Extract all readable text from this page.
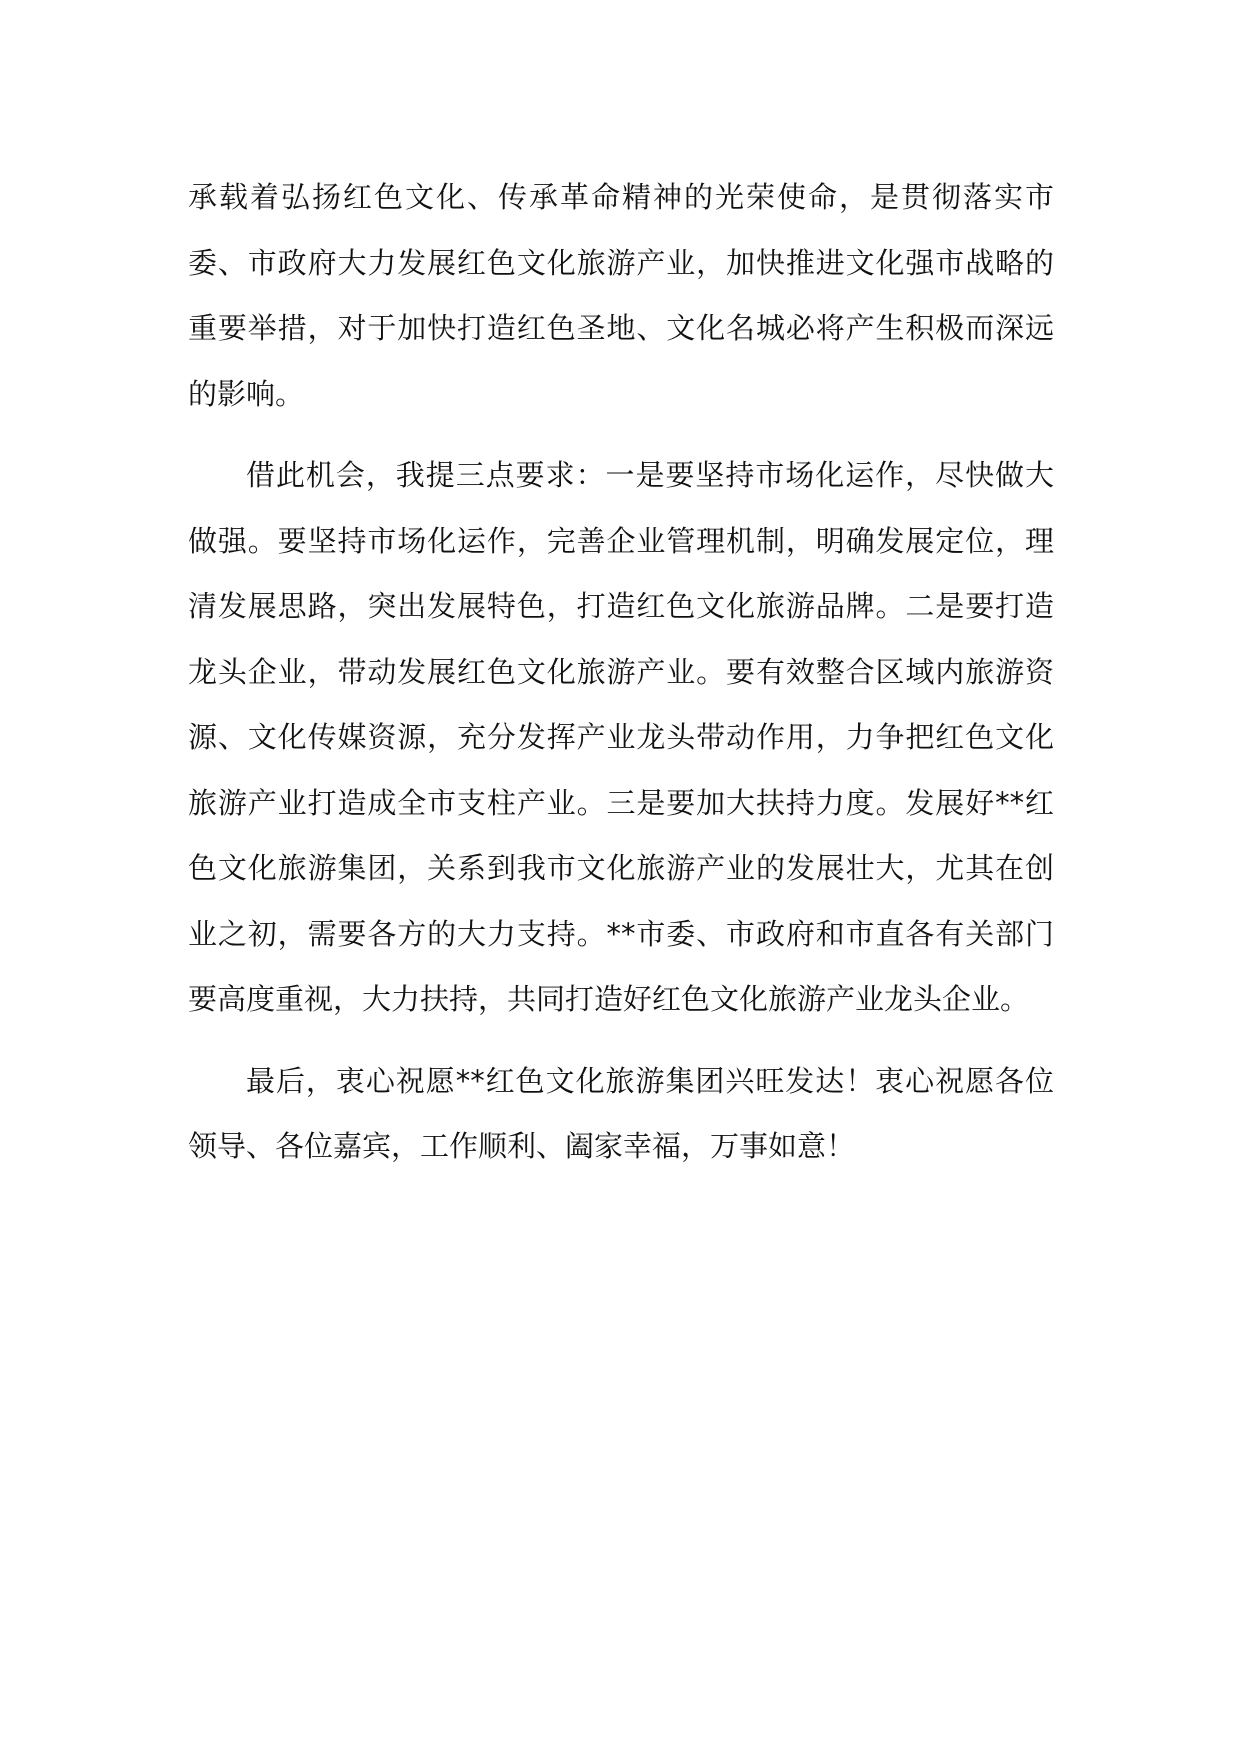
承载着弘扬红色文化、传承革命精神的光荣使命，是贯彻落实市委、市政府大力发展红色文化旅游产业，加快推进文化强市战略的重要举措，对于加快打造红色圣地、文化名城必将产生积极而深远的影响。

借此机会，我提三点要求：一是要坚持市场化运作，尽快做大做强。要坚持市场化运作，完善企业管理机制，明确发展定位，理清发展思路，突出发展特色，打造红色文化旅游品牌。二是要打造龙头企业，带动发展红色文化旅游产业。要有效整合区域内旅游资源、文化传媒资源，充分发挥产业龙头带动作用，力争把红色文化旅游产业打造成全市支柱产业。三是要加大扶持力度。发展好**红色文化旅游集团，关系到我市文化旅游产业的发展壮大，尤其在创业之初，需要各方的大力支持。**市委、市政府和市直各有关部门要高度重视，大力扶持，共同打造好红色文化旅游产业龙头企业。

最后，衷心祝愿**红色文化旅游集团兴旺发达！衷心祝愿各位领导、各位嘉宾，工作顺利、阖家幸福，万事如意！
